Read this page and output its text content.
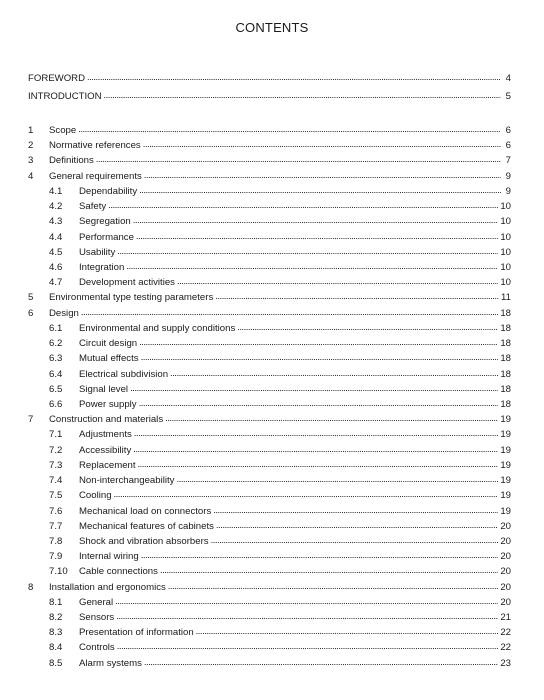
CONTENTS
FOREWORD . . .	4
INTRODUCTION . . .	5
1	Scope . . .	6
2	Normative references . . .	6
3	Definitions . . .	7
4	General requirements . . .	9
4.1	Dependability . . .	9
4.2	Safety . . .	10
4.3	Segregation . . .	10
4.4	Performance . . .	10
4.5	Usability . . .	10
4.6	Integration . . .	10
4.7	Development activities . . .	10
5	Environmental type testing parameters . . .	11
6	Design . . .	18
6.1	Environmental and supply conditions . . .	18
6.2	Circuit design . . .	18
6.3	Mutual effects . . .	18
6.4	Electrical subdivision . . .	18
6.5	Signal level . . .	18
6.6	Power supply . . .	18
7	Construction and materials . . .	19
7.1	Adjustments . . .	19
7.2	Accessibility . . .	19
7.3	Replacement . . .	19
7.4	Non-interchangeability . . .	19
7.5	Cooling . . .	19
7.6	Mechanical load on connectors . . .	19
7.7	Mechanical features of cabinets . . .	20
7.8	Shock and vibration absorbers . . .	20
7.9	Internal wiring . . .	20
7.10	Cable connections . . .	20
8	Installation and ergonomics . . .	20
8.1	General . . .	20
8.2	Sensors . . .	21
8.3	Presentation of information . . .	22
8.4	Controls . . .	22
8.5	Alarm systems . . .	23
